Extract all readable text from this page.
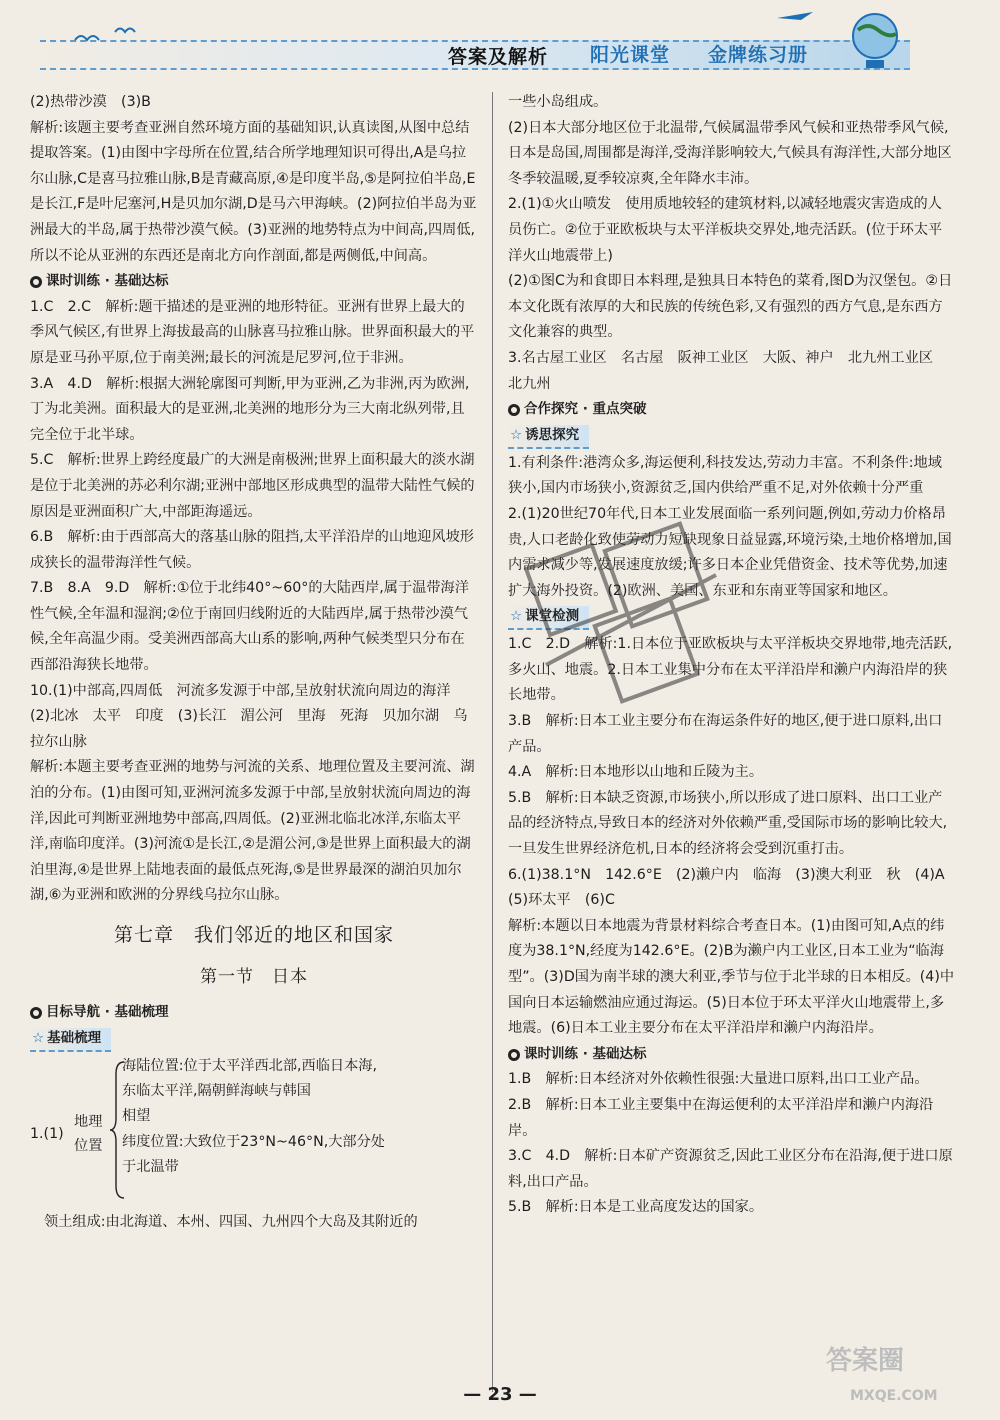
答案及解析 阳光课堂 金牌练习册

(2)热带沙漠　(3)B

解析:该题主要考查亚洲自然环境方面的基础知识,认真读图,从图中总结提取答案。(1)由图中字母所在位置,结合所学地理知识可得出,A是乌拉尔山脉,C是喜马拉雅山脉,B是青藏高原,④是印度半岛,⑤是阿拉伯半岛,E是长江,F是叶尼塞河,H是贝加尔湖,D是马六甲海峡。(2)阿拉伯半岛为亚洲最大的半岛,属于热带沙漠气候。(3)亚洲的地势特点为中间高,四周低,所以不论从亚洲的东西还是南北方向作剖面,都是两侧低,中间高。

课时训练 · 基础达标

1.C　2.C　解析:题干描述的是亚洲的地形特征。亚洲有世界上最大的季风气候区,有世界上海拔最高的山脉喜马拉雅山脉。世界面积最大的平原是亚马孙平原,位于南美洲;最长的河流是尼罗河,位于非洲。

3.A　4.D　解析:根据大洲轮廓图可判断,甲为亚洲,乙为非洲,丙为欧洲,丁为北美洲。面积最大的是亚洲,北美洲的地形分为三大南北纵列带,且完全位于北半球。

5.C　解析:世界上跨经度最广的大洲是南极洲;世界上面积最大的淡水湖是位于北美洲的苏必利尔湖;亚洲中部地区形成典型的温带大陆性气候的原因是亚洲面积广大,中部距海遥远。

6.B　解析:由于西部高大的落基山脉的阻挡,太平洋沿岸的山地迎风坡形成狭长的温带海洋性气候。

7.B　8.A　9.D　解析:①位于北纬40°~60°的大陆西岸,属于温带海洋性气候,全年温和湿润;②位于南回归线附近的大陆西岸,属于热带沙漠气候,全年高温少雨。受美洲西部高大山系的影响,两种气候类型只分布在西部沿海狭长地带。

10.(1)中部高,四周低　河流多发源于中部,呈放射状流向周边的海洋　(2)北冰　太平　印度　(3)长江　湄公河　里海　死海　贝加尔湖　乌拉尔山脉

解析:本题主要考查亚洲的地势与河流的关系、地理位置及主要河流、湖泊的分布。(1)由图可知,亚洲河流多发源于中部,呈放射状流向周边的海洋,因此可判断亚洲地势中部高,四周低。(2)亚洲北临北冰洋,东临太平洋,南临印度洋。(3)河流①是长江,②是湄公河,③是世界上面积最大的湖泊里海,④是世界上陆地表面的最低点死海,⑤是世界最深的湖泊贝加尔湖,⑥为亚洲和欧洲的分界线乌拉尔山脉。

第七章　我们邻近的地区和国家
第一节　日本
目标导航 · 基础梳理
☆ 基础梳理
1.(1)
地理
位置
海陆位置:位于太平洋西北部,西临日本海,
东临太平洋,隔朝鲜海峡与韩国
相望
纬度位置:大致位于23°N~46°N,大部分处
于北温带

领土组成:由北海道、本州、四国、九州四个大岛及其附近的

一些小岛组成。

(2)日本大部分地区位于北温带,气候属温带季风气候和亚热带季风气候,日本是岛国,周围都是海洋,受海洋影响较大,气候具有海洋性,大部分地区冬季较温暖,夏季较凉爽,全年降水丰沛。

2.(1)①火山喷发　使用质地较轻的建筑材料,以减轻地震灾害造成的人员伤亡。②位于亚欧板块与太平洋板块交界处,地壳活跃。(位于环太平洋火山地震带上)

(2)①图C为和食即日本料理,是独具日本特色的菜肴,图D为汉堡包。②日本文化既有浓厚的大和民族的传统色彩,又有强烈的西方气息,是东西方文化兼容的典型。

3.名古屋工业区　名古屋　阪神工业区　大阪、神户　北九州工业区　北九州

合作探究 · 重点突破
☆ 诱思探究

1.有利条件:港湾众多,海运便利,科技发达,劳动力丰富。不利条件:地域狭小,国内市场狭小,资源贫乏,国内供给严重不足,对外依赖十分严重

2.(1)20世纪70年代,日本工业发展面临一系列问题,例如,劳动力价格昂贵,人口老龄化致使劳动力短缺现象日益显露,环境污染,土地价格增加,国内需求减少等,发展速度放缓;许多日本企业凭借资金、技术等优势,加速扩大海外投资。(2)欧洲、美国、东亚和东南亚等国家和地区。

☆ 课堂检测

1.C　2.D　解析:1.日本位于亚欧板块与太平洋板块交界地带,地壳活跃,多火山、地震。2.日本工业集中分布在太平洋沿岸和濑户内海沿岸的狭长地带。

3.B　解析:日本工业主要分布在海运条件好的地区,便于进口原料,出口产品。

4.A　解析:日本地形以山地和丘陵为主。

5.B　解析:日本缺乏资源,市场狭小,所以形成了进口原料、出口工业产品的经济特点,导致日本的经济对外依赖严重,受国际市场的影响比较大,一旦发生世界经济危机,日本的经济将会受到沉重打击。

6.(1)38.1°N　142.6°E　(2)濑户内　临海　(3)澳大利亚　秋　(4)A　(5)环太平　(6)C

解析:本题以日本地震为背景材料综合考查日本。(1)由图可知,A点的纬度为38.1°N,经度为142.6°E。(2)B为濑户内工业区,日本工业为“临海型”。(3)D国为南半球的澳大利亚,季节与位于北半球的日本相反。(4)中国向日本运输燃油应通过海运。(5)日本位于环太平洋火山地震带上,多地震。(6)日本工业主要分布在太平洋沿岸和濑户内海沿岸。

课时训练 · 基础达标

1.B　解析:日本经济对外依赖性很强:大量进口原料,出口工业产品。

2.B　解析:日本工业主要集中在海运便利的太平洋沿岸和濑户内海沿岸。

3.C　4.D　解析:日本矿产资源贫乏,因此工业区分布在沿海,便于进口原料,出口产品。

5.B　解析:日本是工业高度发达的国家。

— 23 —
答案圈
MXQE.COM
